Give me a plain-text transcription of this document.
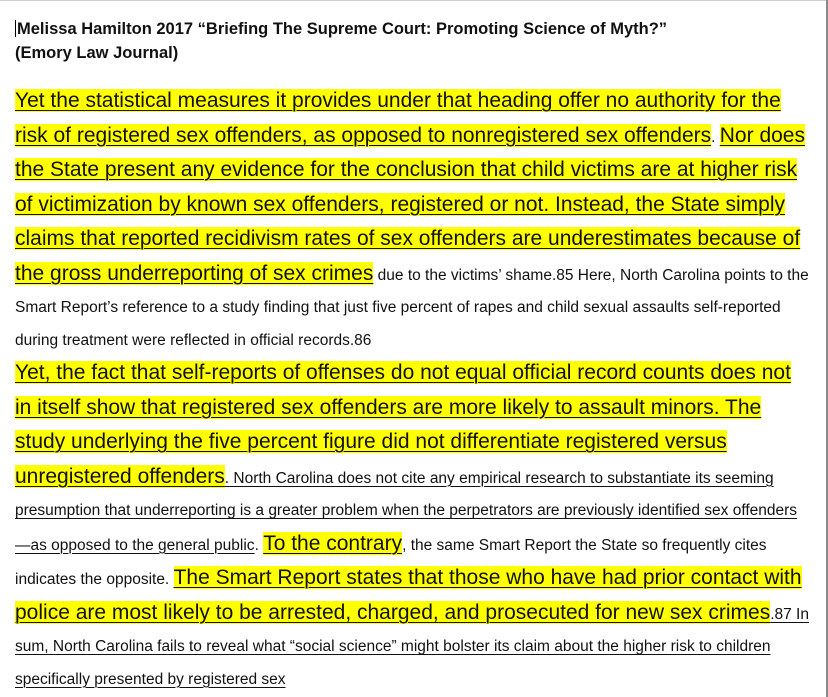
Melissa Hamilton 2017 “Briefing The Supreme Court: Promoting Science of Myth?”
(Emory Law Journal)

Yet the statistical measures it provides under that heading offer no authority for the risk of registered sex offenders, as opposed to nonregistered sex offenders. Nor does the State present any evidence for the conclusion that child victims are at higher risk of victimization by known sex offenders, registered or not. Instead, the State simply claims that reported recidivism rates of sex offenders are underestimates because of the gross underreporting of sex crimes due to the victims’ shame.85 Here, North Carolina points to the Smart Report’s reference to a study finding that just five percent of rapes and child sexual assaults self-reported during treatment were reflected in official records.86

Yet, the fact that self-reports of offenses do not equal official record counts does not in itself show that registered sex offenders are more likely to assault minors. The study underlying the five percent figure did not differentiate registered versus unregistered offenders. North Carolina does not cite any empirical research to substantiate its seeming presumption that underreporting is a greater problem when the perpetrators are previously identified sex offenders—as opposed to the general public. To the contrary, the same Smart Report the State so frequently cites indicates the opposite. The Smart Report states that those who have had prior contact with police are most likely to be arrested, charged, and prosecuted for new sex crimes.87 In sum, North Carolina fails to reveal what “social science” might bolster its claim about the higher risk to children specifically presented by registered sex
